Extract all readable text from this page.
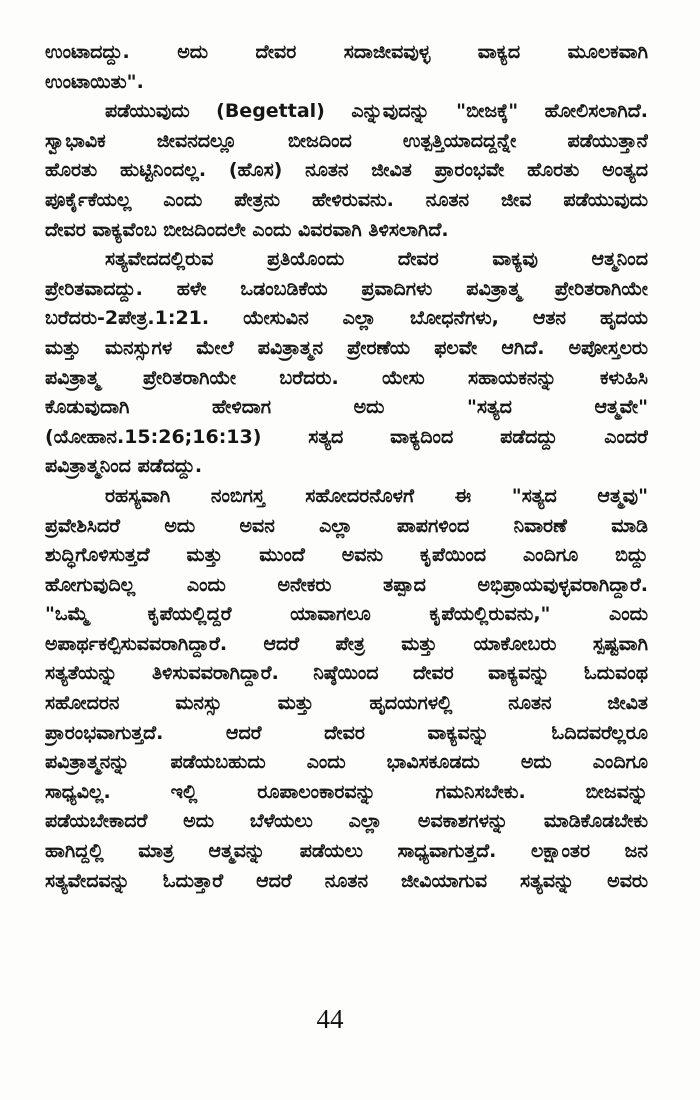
ಉಂಟಾದದ್ದು. ಅದು ದೇವರ ಸದಾಜೀವವುಳ್ಳ ವಾಕ್ಯದ ಮೂಲಕವಾಗಿ
ಉಂಟಾಯಿತು".
ಪಡೆಯುವುದು (Begettal) ಎನ್ನುವುದನ್ನು "ಬೀಜಕ್ಕೆ" ಹೋಲಿಸಲಾಗಿದೆ.
ಸ್ವಾಭಾವಿಕ ಜೀವನದಲ್ಲೂ ಬೀಜದಿಂದ ಉತ್ಪತ್ತಿಯಾದದ್ದನ್ನೇ ಪಡೆಯುತ್ತಾನೆ
ಹೊರತು ಹುಟ್ಟಿನಿಂದಲ್ಲ. (ಹೊಸ) ನೂತನ ಜೀವಿತ ಪ್ರಾರಂಭವೇ ಹೊರತು ಅಂತ್ಯದ
ಪೂರ್ಕೈಕೆಯಲ್ಲ ಎಂದು ಪೇತ್ರನು ಹೇಳಿರುವನು. ನೂತನ ಜೀವ ಪಡೆಯುವುದು
ದೇವರ ವಾಕ್ಯವೆಂಬ ಬೀಜದಿಂದಲೇ ಎಂದು ವಿವರವಾಗಿ ತಿಳಿಸಲಾಗಿದೆ.
ಸತ್ಯವೇದದಲ್ಲಿರುವ ಪ್ರತಿಯೊಂದು ದೇವರ ವಾಕ್ಯವು ಆತ್ಮನಿಂದ
ಪ್ರೇರಿತವಾದದ್ದು. ಹಳೇ ಒಡಂಬಡಿಕೆಯ ಪ್ರವಾದಿಗಳು ಪವಿತ್ರಾತ್ಮ ಪ್ರೇರಿತರಾಗಿಯೇ
ಬರೆದರು-2ಪೇತ್ರ.1:21. ಯೇಸುವಿನ ಎಲ್ಲಾ ಬೋಧನೆಗಳು, ಆತನ ಹೃದಯ
ಮತ್ತು ಮನಸ್ಸುಗಳ ಮೇಲೆ ಪವಿತ್ರಾತ್ಮನ ಪ್ರೇರಣೆಯ ಫಲವೇ ಆಗಿದೆ. ಅಪೋಸ್ತಲರು
ಪವಿತ್ರಾತ್ಮ ಪ್ರೇರಿತರಾಗಿಯೇ ಬರೆದರು. ಯೇಸು ಸಹಾಯಕನನ್ನು ಕಳುಹಿಸಿ
ಕೊಡುವುದಾಗಿ ಹೇಳಿದಾಗ ಅದು "ಸತ್ಯದ ಆತ್ಮವೇ"
(ಯೋಹಾನ.15:26;16:13) ಸತ್ಯದ ವಾಕ್ಯದಿಂದ ಪಡೆದದ್ದು ಎಂದರೆ
ಪವಿತ್ರಾತ್ಮನಿಂದ ಪಡೆದದ್ದು.
ರಹಸ್ಯವಾಗಿ ನಂಬಿಗಸ್ತ ಸಹೋದರನೊಳಗೆ ಈ "ಸತ್ಯದ ಆತ್ಮವು"
ಪ್ರವೇಶಿಸಿದರೆ ಅದು ಅವನ ಎಲ್ಲಾ ಪಾಪಗಳಿಂದ ನಿವಾರಣೆ ಮಾಡಿ
ಶುದ್ಧಿಗೊಳಿಸುತ್ತದೆ ಮತ್ತು ಮುಂದೆ ಅವನು ಕೃಪೆಯಿಂದ ಎಂದಿಗೂ ಬಿದ್ದು
ಹೋಗುವುದಿಲ್ಲ ಎಂದು ಅನೇಕರು ತಪ್ಪಾದ ಅಭಿಪ್ರಾಯವುಳ್ಳವರಾಗಿದ್ದಾರೆ.
"ಒಮ್ಮೆ ಕೃಪೆಯಲ್ಲಿದ್ದರೆ ಯಾವಾಗಲೂ ಕೃಪೆಯಲ್ಲಿರುವನು," ಎಂದು
ಅಪಾರ್ಥಕಲ್ಪಿಸುವವರಾಗಿದ್ದಾರೆ. ಆದರೆ ಪೇತ್ರ ಮತ್ತು ಯಾಕೋಬರು ಸ್ಪಷ್ಟವಾಗಿ
ಸತ್ಯತೆಯನ್ನು ತಿಳಿಸುವವರಾಗಿದ್ದಾರೆ. ನಿಷ್ಠೆಯಿಂದ ದೇವರ ವಾಕ್ಯವನ್ನು ಓದುವಂಥ
ಸಹೋದರನ ಮನಸ್ಸು ಮತ್ತು ಹೃದಯಗಳಲ್ಲಿ ನೂತನ ಜೀವಿತ
ಪ್ರಾರಂಭವಾಗುತ್ತದೆ. ಆದರೆ ದೇವರ ವಾಕ್ಯವನ್ನು ಓದಿದವರೆಲ್ಲರೂ
ಪವಿತ್ರಾತ್ಮನನ್ನು ಪಡೆಯಬಹುದು ಎಂದು ಭಾವಿಸಕೂಡದು ಅದು ಎಂದಿಗೂ
ಸಾಧ್ಯವಿಲ್ಲ. ಇಲ್ಲಿ ರೂಪಾಲಂಕಾರವನ್ನು ಗಮನಿಸಬೇಕು. ಬೀಜವನ್ನು
ಪಡೆಯಬೇಕಾದರೆ ಅದು ಬೆಳೆಯಲು ಎಲ್ಲಾ ಅವಕಾಶಗಳನ್ನು ಮಾಡಿಕೊಡಬೇಕು
ಹಾಗಿದ್ದಲ್ಲಿ ಮಾತ್ರ ಆತ್ಮವನ್ನು ಪಡೆಯಲು ಸಾಧ್ಯವಾಗುತ್ತದೆ. ಲಕ್ಷಾಂತರ ಜನ
ಸತ್ಯವೇದವನ್ನು ಓದುತ್ತಾರೆ ಆದರೆ ನೂತನ ಜೀವಿಯಾಗುವ ಸತ್ಯವನ್ನು ಅವರು
44
